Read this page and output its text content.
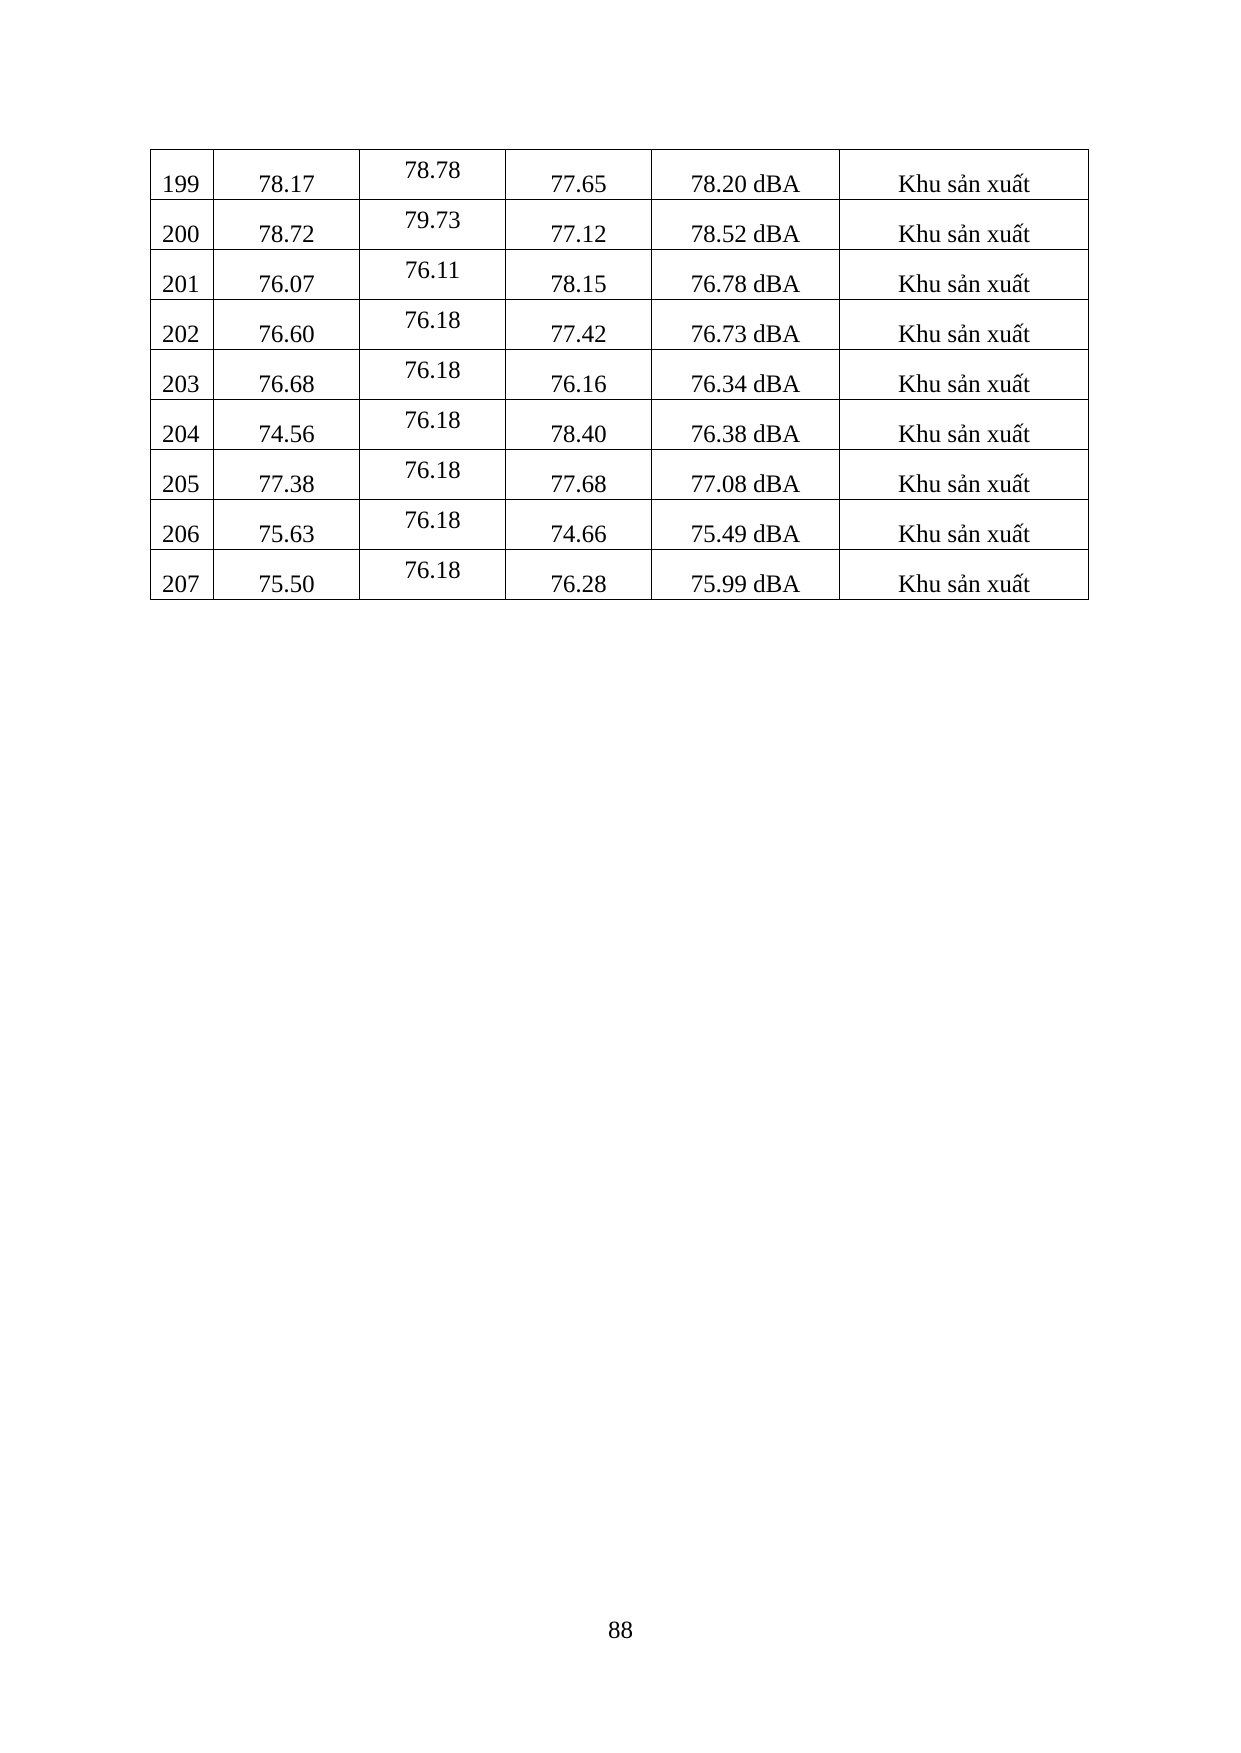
199	78.17	78.78	77.65	78.20 dBA	Khu sản xuất
200	78.72	79.73	77.12	78.52 dBA	Khu sản xuất
201	76.07	76.11	78.15	76.78 dBA	Khu sản xuất
202	76.60	76.18	77.42	76.73 dBA	Khu sản xuất
203	76.68	76.18	76.16	76.34 dBA	Khu sản xuất
204	74.56	76.18	78.40	76.38 dBA	Khu sản xuất
205	77.38	76.18	77.68	77.08 dBA	Khu sản xuất
206	75.63	76.18	74.66	75.49 dBA	Khu sản xuất
207	75.50	76.18	76.28	75.99 dBA	Khu sản xuất
88
